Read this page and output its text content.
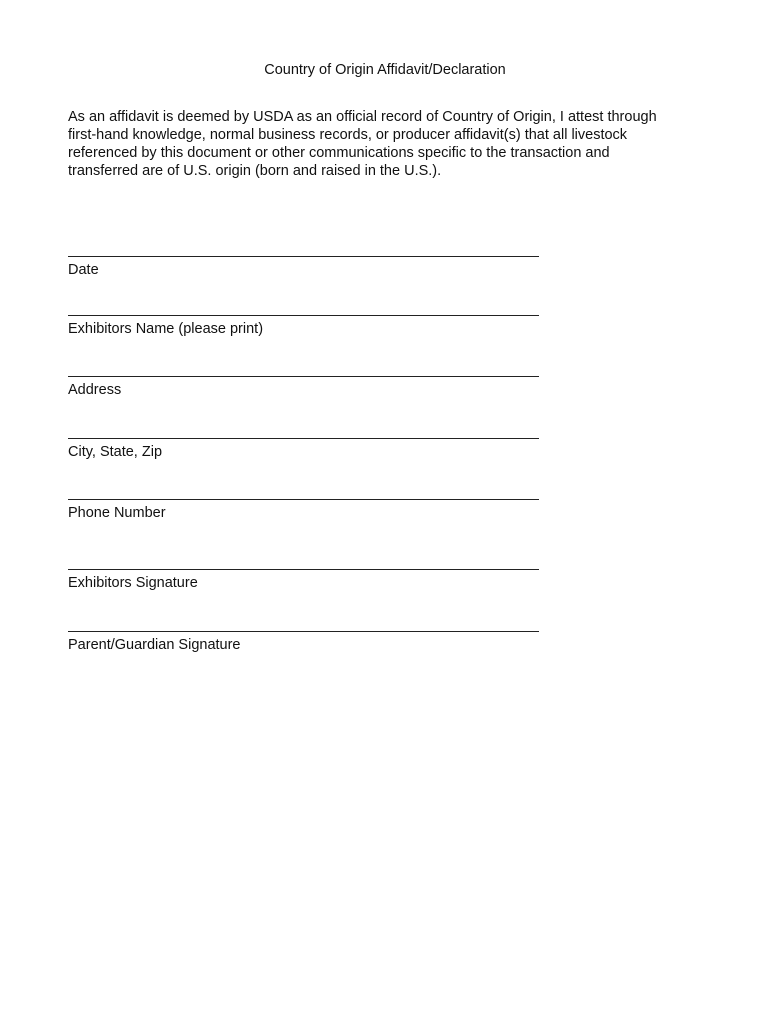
Country of Origin Affidavit/Declaration
As an affidavit is deemed by USDA as an official record of Country of Origin, I attest through
first-hand knowledge, normal business records, or producer affidavit(s) that all livestock
referenced by this document or other communications specific to the transaction and
transferred are of U.S. origin (born and raised in the U.S.).
Date
Exhibitors Name (please print)
Address
City, State, Zip
Phone Number
Exhibitors Signature
Parent/Guardian Signature
